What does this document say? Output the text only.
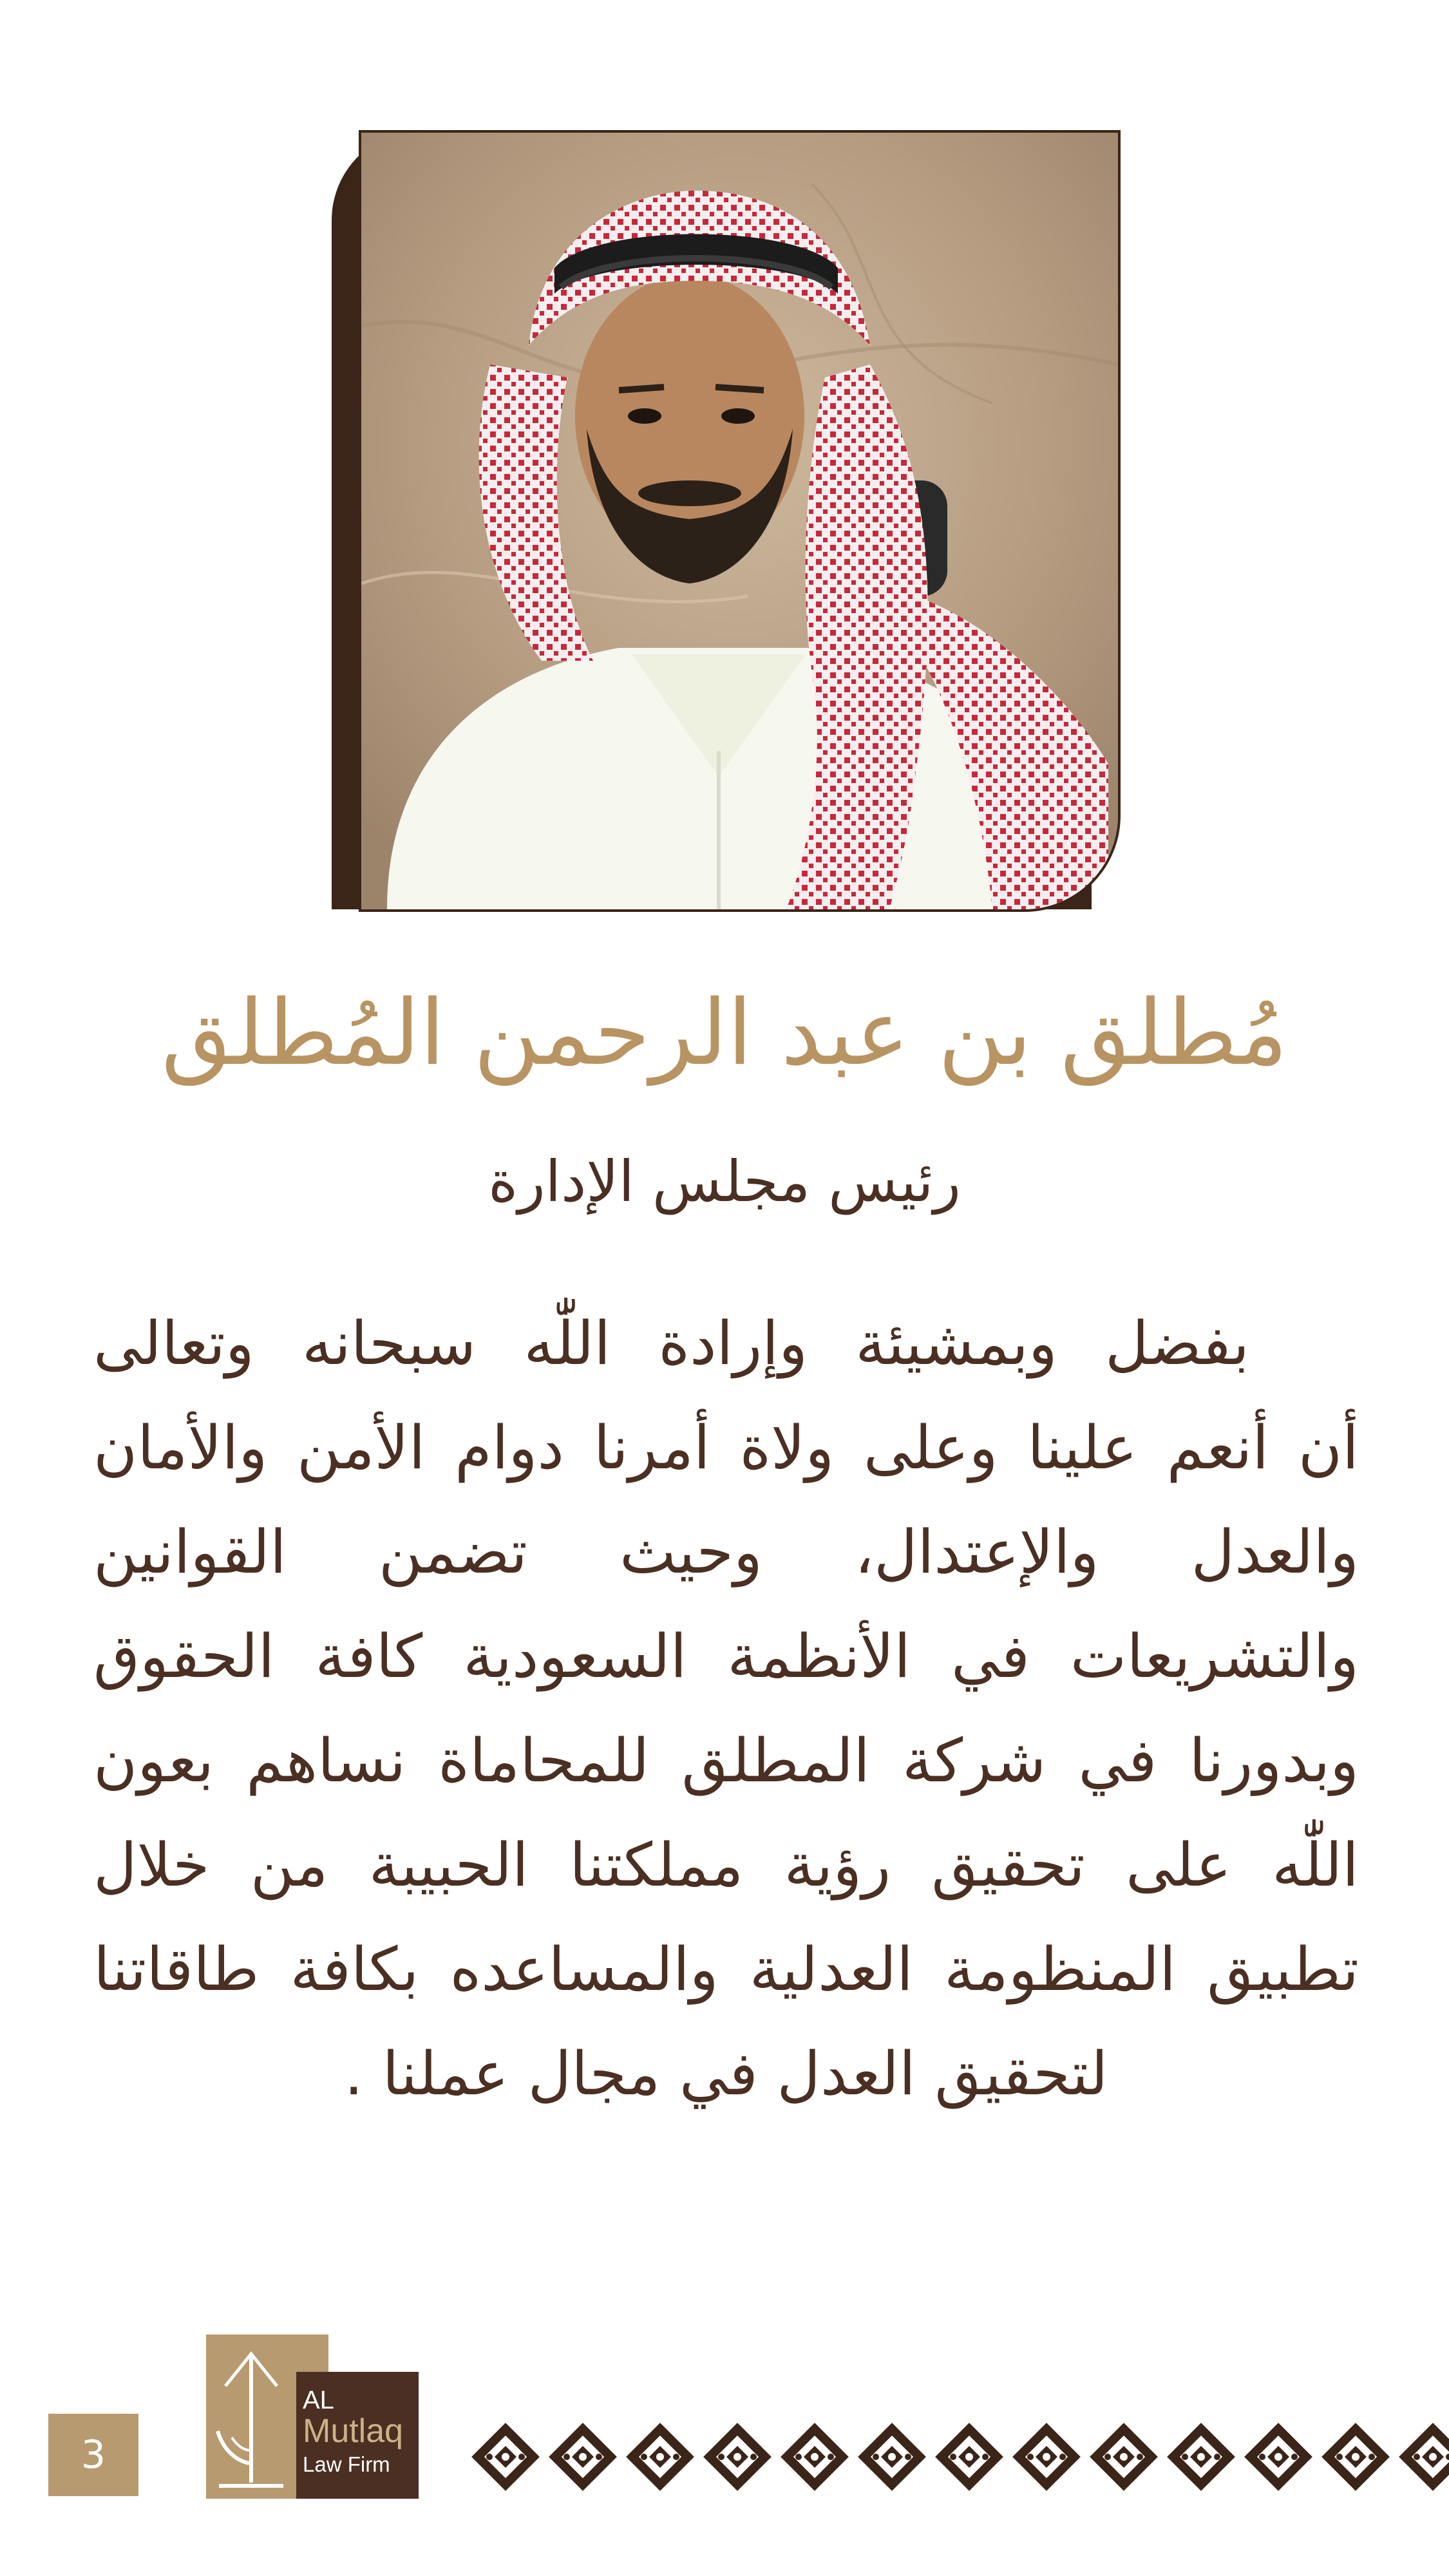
مُطلق بن عبد الرحمن المُطلق
رئيس مجلس الإدارة
بفضل وبمشيئة وإرادة اللّٰه سبحانه وتعالى
أن أنعم علينا وعلى ولاة أمرنا دوام الأمن والأمان
والعدل والإعتدال، وحيث تضمن القوانين
والتشريعات في الأنظمة السعودية كافة الحقوق
وبدورنا في شركة المطلق للمحاماة نساهم بعون
اللّٰه على تحقيق رؤية مملكتنا الحبيبة من خلال
تطبيق المنظومة العدلية والمساعده بكافة طاقاتنا
لتحقيق العدل في مجال عملنا .
3
AL
Mutlaq
Law Firm
